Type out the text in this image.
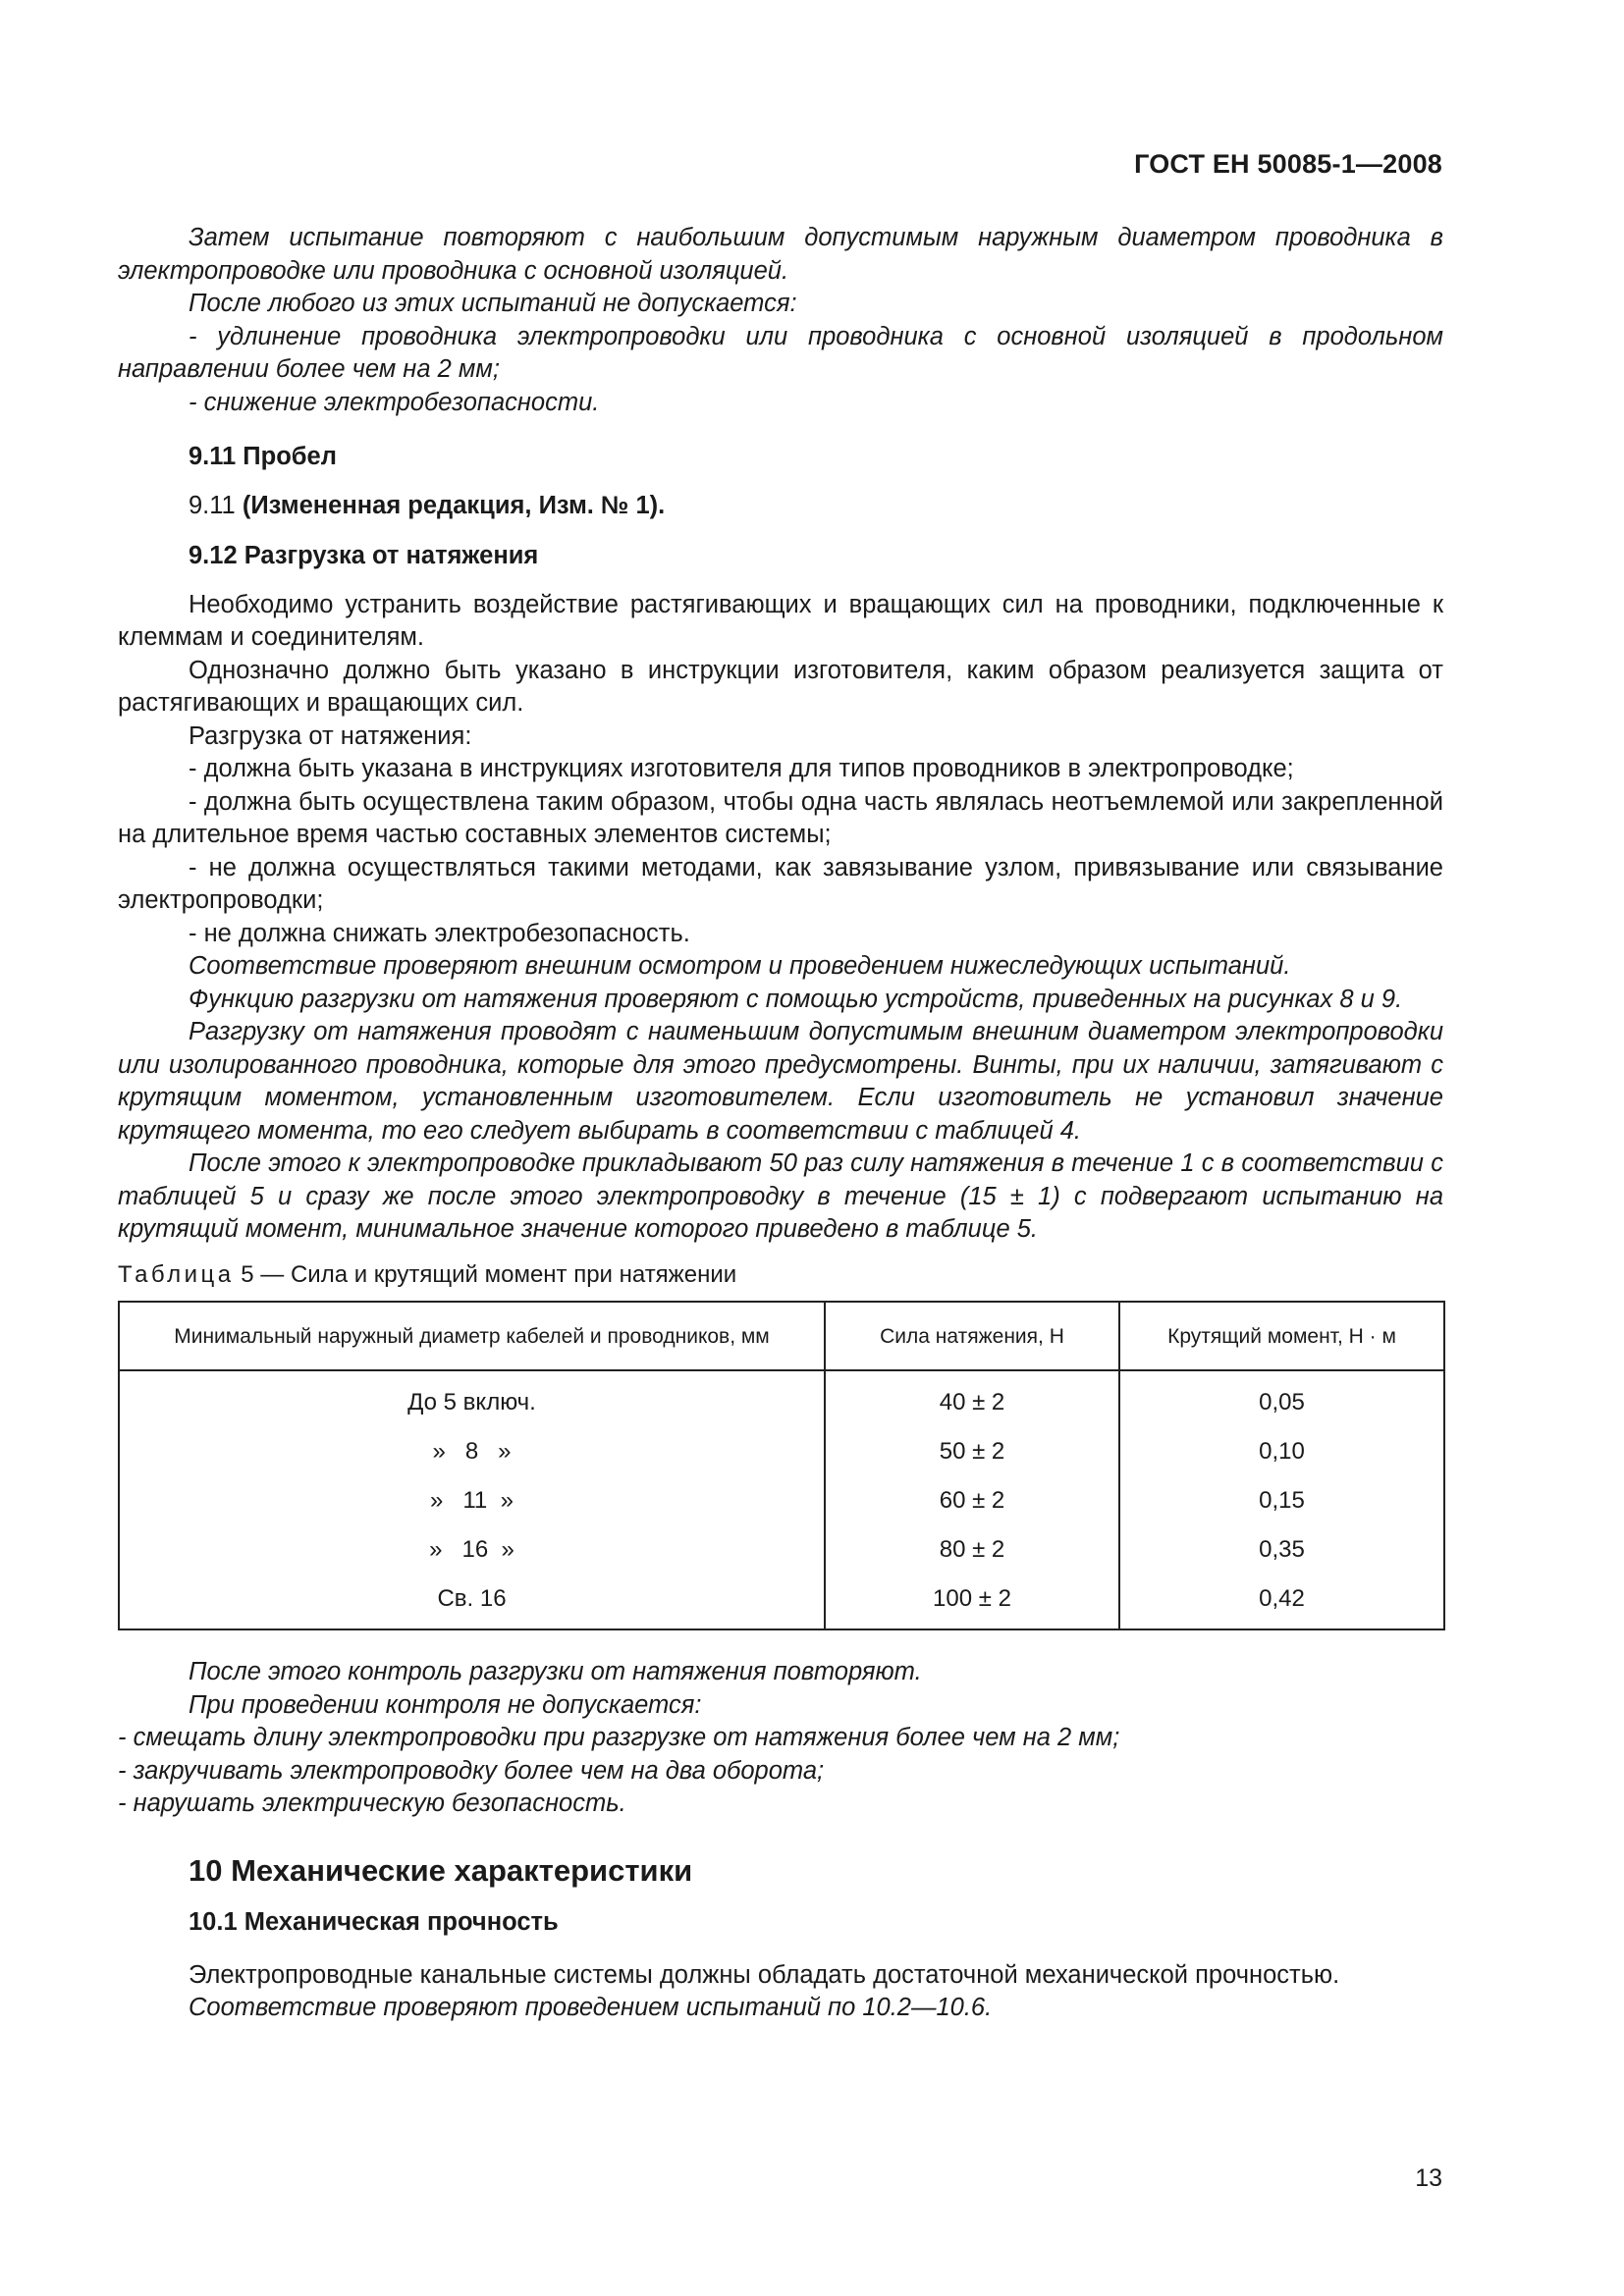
ГОСТ ЕН 50085-1—2008

Затем испытание повторяют с наибольшим допустимым наружным диаметром проводника в электропроводке или проводника с основной изоляцией.

После любого из этих испытаний не допускается:

- удлинение проводника электропроводки или проводника с основной изоляцией в продольном направлении более чем на 2 мм;

- снижение электробезопасности.

9.11 Пробел

9.11 (Измененная редакция, Изм. № 1).

9.12 Разгрузка от натяжения

Необходимо устранить воздействие растягивающих и вращающих сил на проводники, подключенные к клеммам и соединителям.

Однозначно должно быть указано в инструкции изготовителя, каким образом реализуется защита от растягивающих и вращающих сил.

Разгрузка от натяжения:

- должна быть указана в инструкциях изготовителя для типов проводников в электропроводке;

- должна быть осуществлена таким образом, чтобы одна часть являлась неотъемлемой или закрепленной на длительное время частью составных элементов системы;

- не должна осуществляться такими методами, как завязывание узлом, привязывание или связывание электропроводки;

- не должна снижать электробезопасность.

Соответствие проверяют внешним осмотром и проведением нижеследующих испытаний.

Функцию разгрузки от натяжения проверяют с помощью устройств, приведенных на рисунках 8 и 9.

Разгрузку от натяжения проводят с наименьшим допустимым внешним диаметром электропроводки или изолированного проводника, которые для этого предусмотрены. Винты, при их наличии, затягивают с крутящим моментом, установленным изготовителем. Если изготовитель не установил значение крутящего момента, то его следует выбирать в соответствии с таблицей 4.

После этого к электропроводке прикладывают 50 раз силу натяжения в течение 1 с в соответствии с таблицей 5 и сразу же после этого электропроводку в течение (15 ± 1) с подвергают испытанию на крутящий момент, минимальное значение которого приведено в таблице 5.

Таблица 5 — Сила и крутящий момент при натяжении
Минимальный наружный диаметр кабелей и проводников, мм	Сила натяжения, Н	Крутящий момент, Н · м
До 5 включ.	40 ± 2	0,05
»   8   »	50 ± 2	0,10
»   11  »	60 ± 2	0,15
»   16  »	80 ± 2	0,35
Св. 16	100 ± 2	0,42

После этого контроль разгрузки от натяжения повторяют.

При проведении контроля не допускается:

- смещать длину электропроводки при разгрузке от натяжения более чем на 2 мм;

- закручивать электропроводку более чем на два оборота;

- нарушать электрическую безопасность.

10 Механические характеристики
10.1 Механическая прочность

Электропроводные канальные системы должны обладать достаточной механической прочностью.

Соответствие проверяют проведением испытаний по 10.2—10.6.

13
